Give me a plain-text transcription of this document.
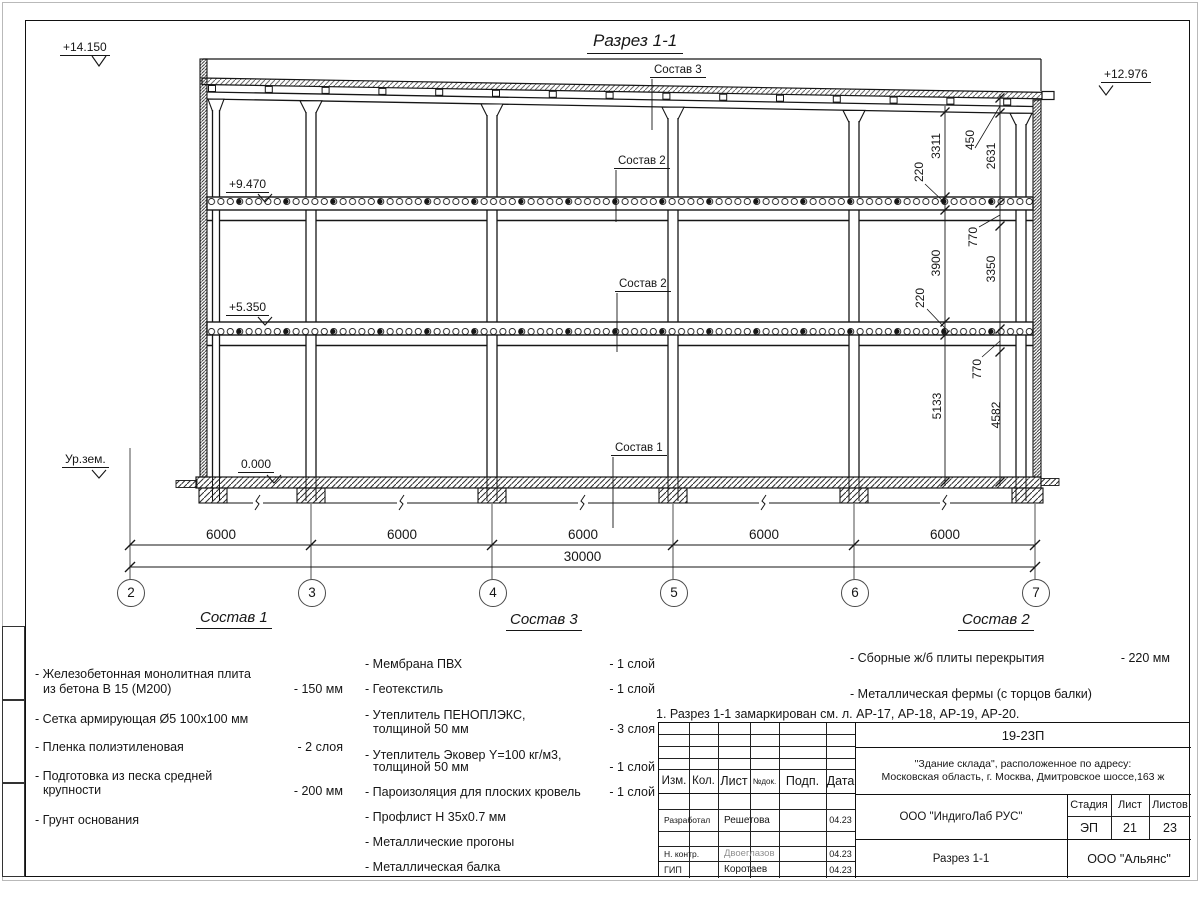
Разрез 1-1
+14.150
+12.976
+9.470
+5.350
0.000
Ур.зем.
Состав 3
Состав 2
Состав 2
Состав 1
3311
220
3900
220
5133
450
2631
770
3350
770
4582
6000	6000	6000	6000	6000
30000
2	3	4	5	6	7
Состав 1	Состав 3	Состав 2
- Железобетонная монолитная плита
из бетона В 15 (М200)	- 150 мм
- Сетка армирующая Ø5 100х100 мм
- Пленка полиэтиленовая	- 2 слоя
- Подготовка из песка средней
крупности	- 200 мм
- Грунт основания
- Мембрана ПВХ	- 1 слой
- Геотекстиль	- 1 слой
- Утеплитель ПЕНОПЛЭКС,
толщиной 50 мм	- 3 слоя
- Утеплитель Эковер Y=100 кг/м3,
толщиной 50 мм	- 1 слой
- Пароизоляция для плоских кровель - 1 слой
- Профлист Н 35х0.7 мм
- Металлические прогоны
- Металлическая балка
- Сборные ж/б плиты перекрытия	- 220 мм
- Металлическая фермы (с торцов балки)
1. Разрез 1-1 замаркирован см. л. АР-17, АР-18, АР-19, АР-20.
Изм. Кол. Лист №док. Подп. Дата
Разработал	Решетова	04.23
Н. контр.	Двоеглазов	04.23
ГИП	Коротаев	04.23
19-23П
"Здание склада", расположенное по адресу:
Московская область, г. Москва, Дмитровское шоссе,163 ж
ООО "ИндигоЛаб РУС"
Стадия Лист Листов
ЭП	21	23
Разрез 1-1	ООО "Альянс"
